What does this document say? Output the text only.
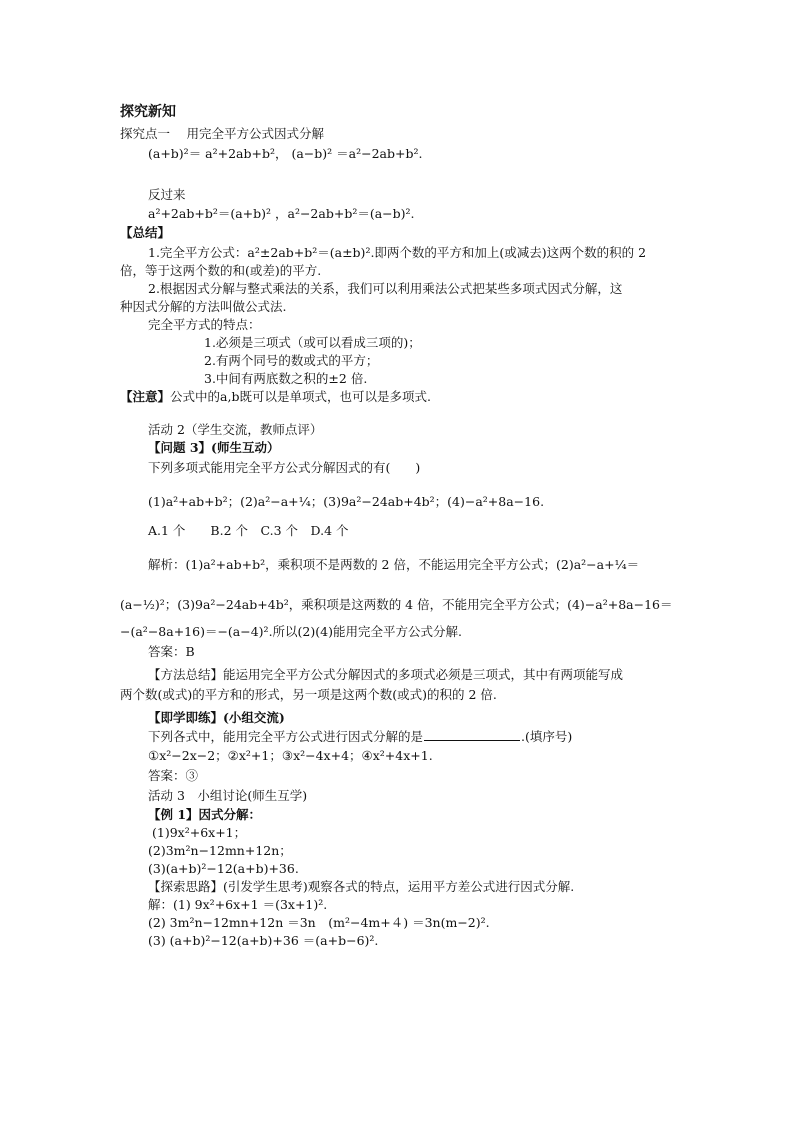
探究新知
探究点一　 用完全平方公式因式分解
(a+b)²＝ a²+2ab+b²， (a−b)² ＝a²−2ab+b².
反过来
a²+2ab+b²＝(a+b)² ，a²−2ab+b²＝(a−b)².
【总结】
1.完全平方公式：a²±2ab+b²＝(a±b)².即两个数的平方和加上(或减去)这两个数的积的 2
倍，等于这两个数的和(或差)的平方.
2.根据因式分解与整式乘法的关系，我们可以利用乘法公式把某些多项式因式分解，这
种因式分解的方法叫做公式法.
完全平方式的特点：
1.必须是三项式（或可以看成三项的)；
2.有两个同号的数或式的平方；
3.中间有两底数之积的±2 倍.
【注意】公式中的a,b既可以是单项式，也可以是多项式.
活动 2（学生交流，教师点评）
【问题 3】(师生互动）
下列多项式能用完全平方公式分解因式的有(　　)
(1)a²+ab+b²；(2)a²−a+¼；(3)9a²−24ab+4b²；(4)−a²+8a−16.
A.1 个　　B.2 个　C.3 个　D.4 个
解析：(1)a²+ab+b²，乘积项不是两数的 2 倍，不能运用完全平方公式；(2)a²−a+¼＝
(a−½)²；(3)9a²−24ab+4b²，乘积项是这两数的 4 倍，不能用完全平方公式；(4)−a²+8a−16＝
−(a²−8a+16)＝−(a−4)².所以(2)(4)能用完全平方公式分解.
答案：B
【方法总结】能运用完全平方公式分解因式的多项式必须是三项式，其中有两项能写成
两个数(或式)的平方和的形式，另一项是这两个数(或式)的积的 2 倍.
【即学即练】(小组交流)
下列各式中，能用完全平方公式进行因式分解的是	.(填序号)
①x²−2x−2；②x²+1；③x²−4x+4；④x²+4x+1.
答案：③
活动 3　小组讨论(师生互学)
【例 1】因式分解：
(1)9x²+6x+1；
(2)3m²n−12mn+12n；
(3)(a+b)²−12(a+b)+36.
【探索思路】(引发学生思考)观察各式的特点，运用平方差公式进行因式分解.
解：(1) 9x²+6x+1 ＝(3x+1)².
(2) 3m²n−12mn+12n ＝3n　(m²−4m+４) ＝3n(m−2)².
(3) (a+b)²−12(a+b)+36 ＝(a+b−6)².
